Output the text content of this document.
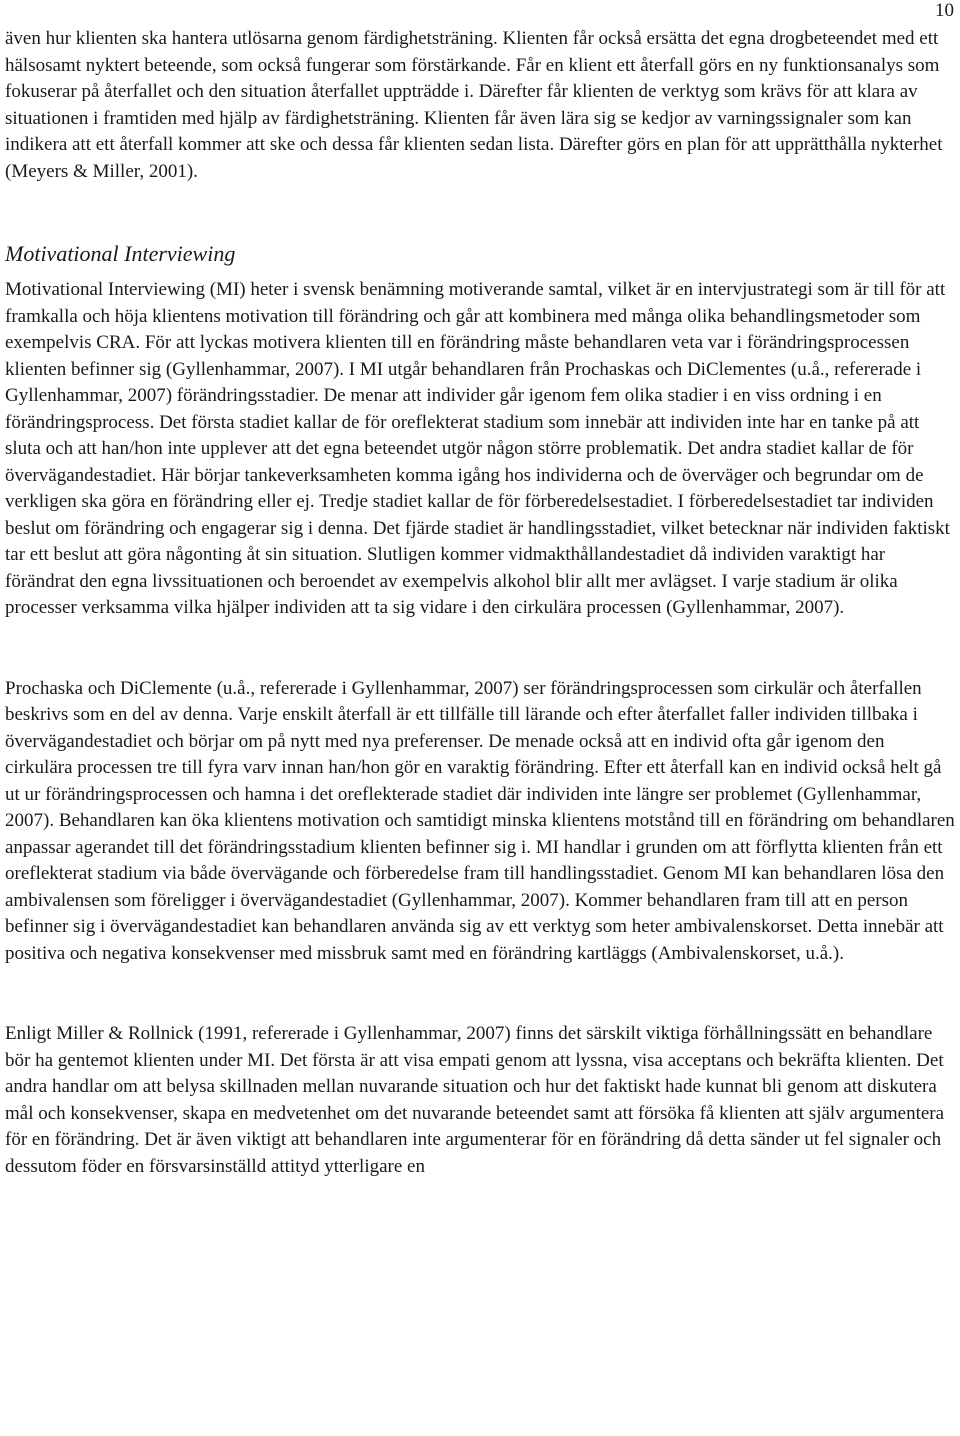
10

även hur klienten ska hantera utlösarna genom färdighetsträning. Klienten får också ersätta det egna drogbeteendet med ett hälsosamt nyktert beteende, som också fungerar som förstärkande. Får en klient ett återfall görs en ny funktionsanalys som fokuserar på återfallet och den situation återfallet uppträdde i. Därefter får klienten de verktyg som krävs för att klara av situationen i framtiden med hjälp av färdighetsträning. Klienten får även lära sig se kedjor av varningssignaler som kan indikera att ett återfall kommer att ske och dessa får klienten sedan lista. Därefter görs en plan för att upprätthålla nykterhet (Meyers & Miller, 2001).

Motivational Interviewing

Motivational Interviewing (MI) heter i svensk benämning motiverande samtal, vilket är en intervjustrategi som är till för att framkalla och höja klientens motivation till förändring och går att kombinera med många olika behandlingsmetoder som exempelvis CRA. För att lyckas motivera klienten till en förändring måste behandlaren veta var i förändringsprocessen klienten befinner sig (Gyllenhammar, 2007). I MI utgår behandlaren från Prochaskas och DiClementes (u.å., refererade i Gyllenhammar, 2007) förändringsstadier. De menar att individer går igenom fem olika stadier i en viss ordning i en förändringsprocess. Det första stadiet kallar de för oreflekterat stadium som innebär att individen inte har en tanke på att sluta och att han/hon inte upplever att det egna beteendet utgör någon större problematik. Det andra stadiet kallar de för övervägandestadiet. Här börjar tankeverksamheten komma igång hos individerna och de överväger och begrundar om de verkligen ska göra en förändring eller ej. Tredje stadiet kallar de för förberedelsestadiet. I förberedelsestadiet tar individen beslut om förändring och engagerar sig i denna. Det fjärde stadiet är handlingsstadiet, vilket betecknar när individen faktiskt tar ett beslut att göra någonting åt sin situation. Slutligen kommer vidmakthållandestadiet då individen varaktigt har förändrat den egna livssituationen och beroendet av exempelvis alkohol blir allt mer avlägset. I varje stadium är olika processer verksamma vilka hjälper individen att ta sig vidare i den cirkulära processen (Gyllenhammar, 2007).

Prochaska och DiClemente (u.å., refererade i Gyllenhammar, 2007) ser förändringsprocessen som cirkulär och återfallen beskrivs som en del av denna. Varje enskilt återfall är ett tillfälle till lärande och efter återfallet faller individen tillbaka i övervägandestadiet och börjar om på nytt med nya preferenser. De menade också att en individ ofta går igenom den cirkulära processen tre till fyra varv innan han/hon gör en varaktig förändring. Efter ett återfall kan en individ också helt gå ut ur förändringsprocessen och hamna i det oreflekterade stadiet där individen inte längre ser problemet (Gyllenhammar, 2007). Behandlaren kan öka klientens motivation och samtidigt minska klientens motstånd till en förändring om behandlaren anpassar agerandet till det förändringsstadium klienten befinner sig i. MI handlar i grunden om att förflytta klienten från ett oreflekterat stadium via både övervägande och förberedelse fram till handlingsstadiet. Genom MI kan behandlaren lösa den ambivalensen som föreligger i övervägandestadiet (Gyllenhammar, 2007). Kommer behandlaren fram till att en person befinner sig i övervägandestadiet kan behandlaren använda sig av ett verktyg som heter ambivalenskorset. Detta innebär att positiva och negativa konsekvenser med missbruk samt med en förändring kartläggs (Ambivalenskorset, u.å.).

Enligt Miller & Rollnick (1991, refererade i Gyllenhammar, 2007) finns det särskilt viktiga förhållningssätt en behandlare bör ha gentemot klienten under MI. Det första är att visa empati genom att lyssna, visa acceptans och bekräfta klienten. Det andra handlar om att belysa skillnaden mellan nuvarande situation och hur det faktiskt hade kunnat bli genom att diskutera mål och konsekvenser, skapa en medvetenhet om det nuvarande beteendet samt att försöka få klienten att själv argumentera för en förändring. Det är även viktigt att behandlaren inte argumenterar för en förändring då detta sänder ut fel signaler och dessutom föder en försvarsinställd attityd ytterligare en
